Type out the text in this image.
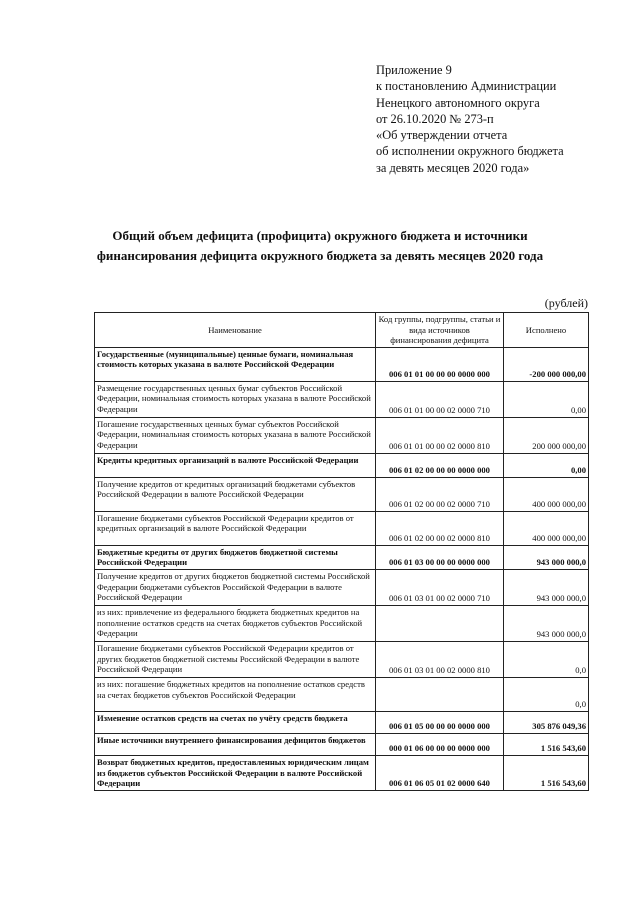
Приложение 9
к постановлению Администрации
Ненецкого автономного округа
от 26.10.2020 № 273-п
«Об утверждении отчета
об исполнении окружного бюджета
за девять месяцев 2020 года»
Общий объем дефицита (профицита) окружного бюджета и источники
финансирования дефицита окружного бюджета за девять месяцев 2020 года
(рублей)
Наименование	Код группы, подгруппы, статьи и вида источников финансирования дефицита	Исполнено
Государственные (муниципальные) ценные бумаги, номинальная стоимость которых указана в валюте Российской Федерации	006 01 01 00 00 00 0000 000	-200 000 000,00
Размещение государственных ценных бумаг субъектов Российской Федерации, номинальная стоимость которых указана в валюте Российской Федерации	006 01 01 00 00 02 0000 710	0,00
Погашение государственных ценных бумаг субъектов Российской Федерации, номинальная стоимость которых указана в валюте Российской Федерации	006 01 01 00 00 02 0000 810	200 000 000,00
Кредиты кредитных организаций в валюте Российской Федерации	006 01 02 00 00 00 0000 000	0,00
Получение кредитов от кредитных организаций бюджетами субъектов Российской Федерации в валюте Российской Федерации	006 01 02 00 00 02 0000 710	400 000 000,00
Погашение бюджетами субъектов Российской Федерации кредитов от кредитных организаций в валюте Российской Федерации	006 01 02 00 00 02 0000 810	400 000 000,00
Бюджетные кредиты от других бюджетов бюджетной системы Российской Федерации	006 01 03 00 00 00 0000 000	943 000 000,0
Получение кредитов от других бюджетов бюджетной системы Российской Федерации бюджетами субъектов Российской Федерации в валюте Российской Федерации	006 01 03 01 00 02 0000 710	943 000 000,0
из них: привлечение из федерального бюджета бюджетных кредитов на пополнение остатков средств на счетах бюджетов субъектов Российской Федерации		943 000 000,0
Погашение бюджетами субъектов Российской Федерации кредитов от других бюджетов бюджетной системы Российской Федерации в валюте Российской Федерации	006 01 03 01 00 02 0000 810	0,0
из них: погашение бюджетных кредитов на пополнение остатков средств на счетах бюджетов субъектов Российской Федерации		0,0
Изменение остатков средств на счетах по учёту средств бюджета	006 01 05 00 00 00 0000 000	305 876 049,36
Иные источники внутреннего финансирования дефицитов бюджетов	000 01 06 00 00 00 0000 000	1 516 543,60
Возврат бюджетных кредитов, предоставленных юридическим лицам из бюджетов субъектов Российской Федерации в валюте Российской Федерации	006 01 06 05 01 02 0000 640	1 516 543,60
